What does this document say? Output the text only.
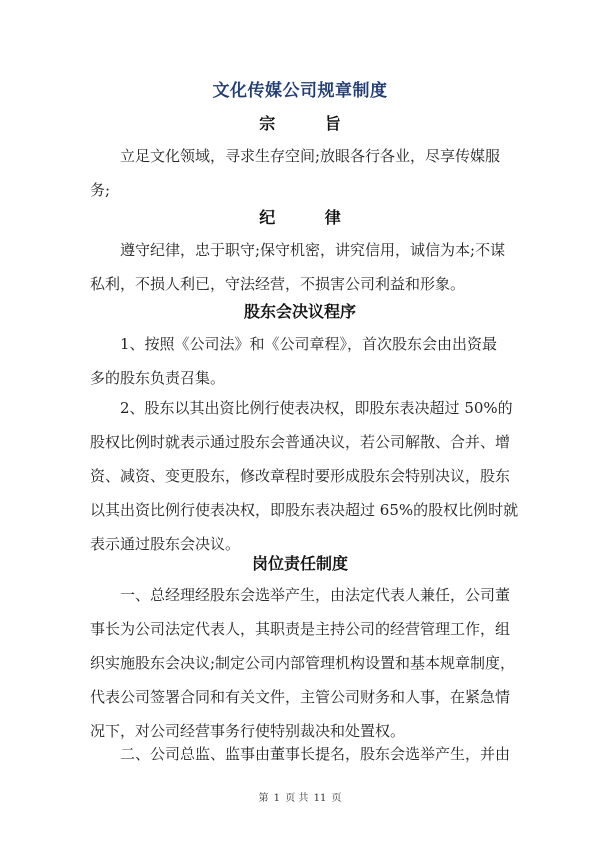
文化传媒公司规章制度
宗 旨
立足文化领域，寻求生存空间;放眼各行各业，尽享传媒服
务;
纪 律
遵守纪律，忠于职守;保守机密，讲究信用，诚信为本;不谋
私利，不损人利已，守法经营，不损害公司利益和形象。
股东会决议程序
1、按照《公司法》和《公司章程》，首次股东会由出资最
多的股东负责召集。
2、股东以其出资比例行使表决权，即股东表决超过 50%的
股权比例时就表示通过股东会普通决议，若公司解散、合并、增
资、减资、变更股东，修改章程时要形成股东会特别决议，股东
以其出资比例行使表决权，即股东表决超过 65%的股权比例时就
表示通过股东会决议。
岗位责任制度
一、总经理经股东会选举产生，由法定代表人兼任，公司董
事长为公司法定代表人，其职责是主持公司的经营管理工作，组
织实施股东会决议;制定公司内部管理机构设置和基本规章制度，
代表公司签署合同和有关文件，主管公司财务和人事，在紧急情
况下，对公司经营事务行使特别裁决和处置权。
二、公司总监、监事由董事长提名，股东会选举产生，并由
第 1 页 共 11 页
